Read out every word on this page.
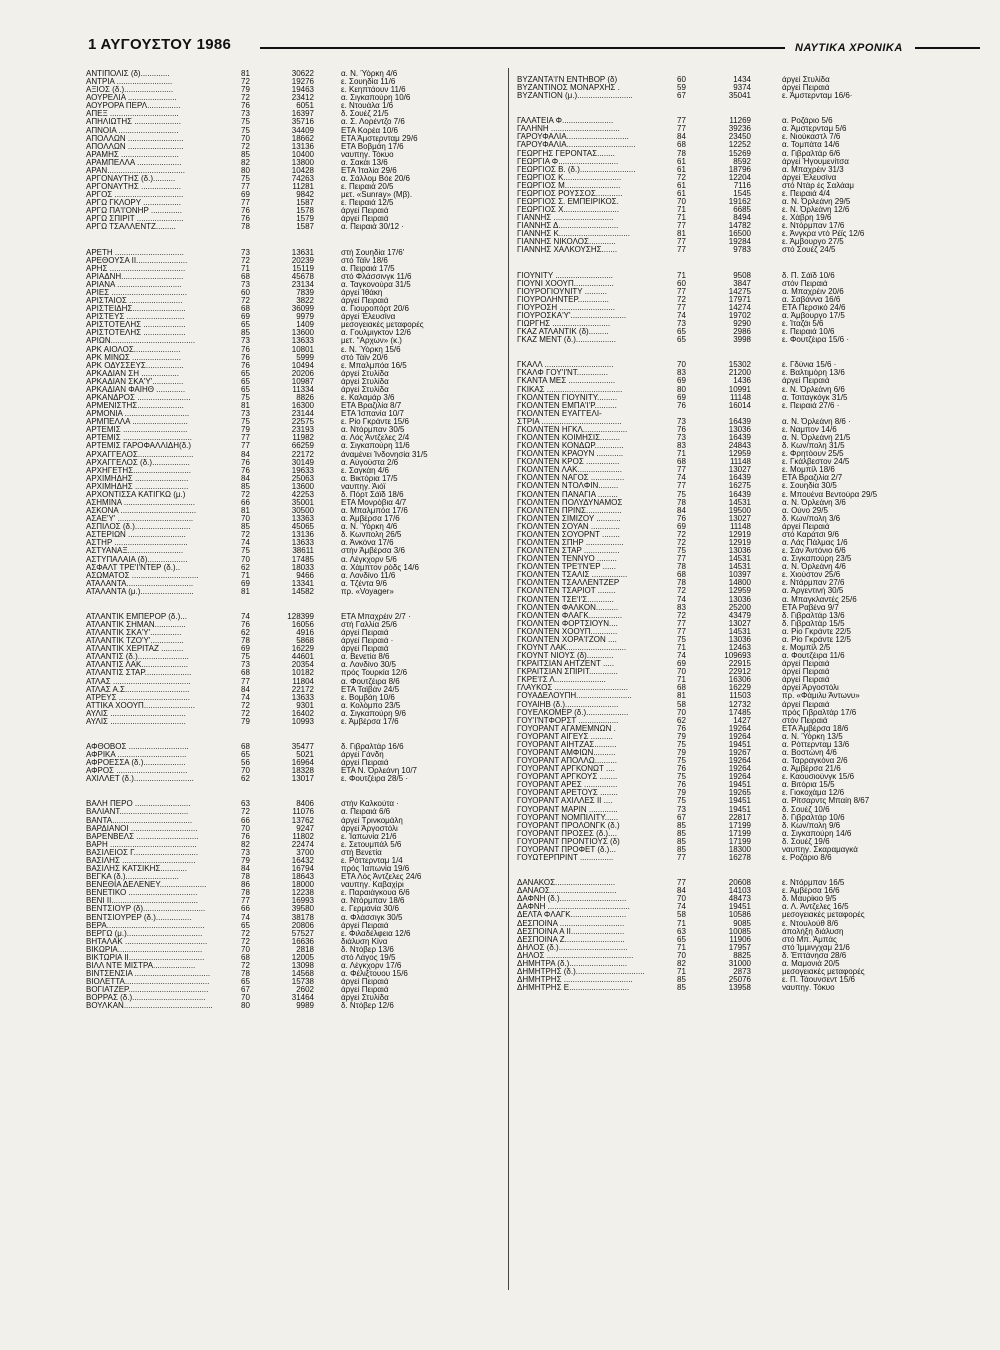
1 ΑΥΓΟΥΣΤΟΥ 1986	ΝΑΥΤΙΚΑ ΧΡΟΝΙΚΑ
ΑΝΤΙΠΟΛΙΣ (δ).............	81	30622	α. Ν. Ύόρκη 4/6
ΑΝΤΡΙΑ .........................	72	19276	ε. Σουηδία 11/6
ΑΞΙΟΣ (δ.)......................	79	19463	ε. Κεηπτάουν 11/6
ΑΟΥΡΕΛΙΑ ......................	72	23412	α. Σιγκαπούρη 10/6
ΑΟΥΡΟΡΑ ΠΕΡΛ...............	76	6051	ε. Ντουάλα 1/6
ΑΠΕΞ ...............................	73	16397	δ. Σουέζ 21/5
ΑΠΗΛΙΩΤΗΣ .....................	75	35716	α. Σ. Λορέντζο 7/6
ΑΠΝΟΙΑ ...........................	75	34409	ΕΤΑ Κορέα 10/6
ΑΠΟΛΛΩΝ .........................	70	18662	ΕΤΑ Άμστερνταμ 29/6
ΑΠΟΛΛΩΝ .........................	72	13136	ΕΤΑ Βοβμάη 17/6
ΑΡΑΜΗΣ ..........................	85	10400	ναυπηγ. Τόκυο
ΑΡΑΜΠΕΛΛΑ ....................	82	13800	α. Σακάι 13/6
ΑΡΑΝ...................................	80	10428	ΕΤΑ Ίταλία 29/6
ΑΡΓΟΝΑΥΤΗΣ (δ.)..........	75	74263	α. Σάλλομ Βόε 20/6
ΑΡΓΟΝΑΥΤΗΣ ..................	77	11281	ε. Πειραιά 20/5
ΑΡΓΟΣ ...............................	69	9842	μετ. «Sunray» (Μβ).
ΑΡΓΩ ΓΚΛΟΡΥ .................	77	1587	ε. Πειραιά 12/5
ΑΡΓΩ ΠΑ'Ι'ΟΝΗΡ ..............	76	1578	άργεί Πειραιά
ΑΡΓΩ ΣΠΙΡΙΤ .....................	76	1579	άργεί Πειραιά
ΑΡΓΩ ΤΣΑΛΛΕΝΤΖ.........	78	1587	α. Πειραιά 30/12 ·
ΑΡΕΤΗ ...............................	73	13631	στή Σουηδία 17/6'
ΑΡΕΘΟΥΣΑ II.......................	72	20239	στό Τάϊν 18/6
ΑΡΗΣ ..................................	71	15119	α. Πειραιά 17/5
ΑΡΙΑΔΝΗ............................	68	45678	στό Φλάσσινγκ 11/6
ΑΡΙΑΝΑ .............................	73	23134	α. Ταγκονούρα 31/5
ΑΡΙΕΣ ..................................	60	7839	άργεί Ίθάκη
ΑΡΙΣΤΑΙΟΣ ........................	72	3822	άργεί Πειραιά
ΑΡΙΣΤΕΙΔΗΣ........................	68	36099	α. Γιουροπόρτ 20/6
ΑΡΙΣΤΕΥΣ ..........................	69	9979	άργεί Έλευσίνα
ΑΡΙΣΤΟΤΕΛΗΣ ...................	65	1409	μεσογειακές μεταφορές
ΑΡΙΣΤΟΤΕΛΗΣ ...................	85	13600	α. Γουλμιγκτον 12/6
ΑΡΙΩΝ......................................	73	13633	μετ. "Αρχων» (κ.)
ΑΡΚ ΑΙΟΛΟΣ.....................	76	10801	ε. Ν. Ύόρκη 15/6
ΑΡΚ ΜΙΝΩΣ ......................	76	5999	στό Τάϊν 20/6
ΑΡΚ ΟΔΥΣΣΕΥΣ.................	76	10494	ε. Μπαλμπόα 16/5
ΑΡΚΑΔΙΑΝ ΣΗ .................	65	20206	άργεί Στυλίδα
ΑΡΚΑΔΙΑΝ ΣΚΑ'Υ'..............	65	10987	άργεί Στυλίδα
ΑΡΚΑΔΙΑΝ ΦΑΙΗΘ .............	65	11334	άργεί Στυλίδα
ΑΡΚΑΝΔΡΟΣ ........................	75	8826	ε. Καλαμάρ 3/6
ΑΡΜΕΝΙΣΤΗΣ.....................	81	16300	ΕΤΑ Βραζιλία 8/7
ΑΡΜΟΝΙΑ .............................	73	23144	ΕΤΑ Ίσπανία 10/7
ΑΡΜΠΕΛΛΑ .........................	75	22575	ε. Ρίο Γκράντε 15/6
ΑΡΤΕΜΙΣ .............................	79	23193	α. Ντόρμπαν 30/5
ΑΡΤΕΜΙΣ ...............................	77	11982	α. Λός Άντζελες 2/4
ΑΡΤΕΜΙΣ ΓΑΡΟΦΑΛΛΙΔΗ(δ.)	77	66259	α. Σιγκαπούρη 11/6
ΑΡΧΑΓΓΕΛΟΣ.........................	84	22172	άναμένει Ίνδονησία 31/5
ΑΡΧΑΓΓΕΛΟΣ (δ.).................	76	30149	α. Αύγούστα 2/6
ΑΡΧΗΓΕΤΗΣ..........................	76	19633	ε. Σαγκάη 4/6
ΑΡΧΙΜΗΔΗΣ ........................	84	25063	α. Βικτόρια 17/5
ΑΡΧΙΜΗΔΗΣ ........................	85	13600	ναυπηγ. Άιόϊ
ΑΡΧΟΝΤΙΣΣΑ ΚΑΤΙΓΚΩ (μ.)	72	42253	δ. Πόρτ Σάϊδ 18/6
ΑΣΗΜΙΝΑ ................................	66	35001	ΕΤΑ Μονρόβια 4/7
ΑΣΚΟΝΑ ..................................	81	30500	α. Μπαλμπόα 17/6
ΑΣΑΕ'Υ' ..................................	70	13363	α. Άμβέρσα 17/6
ΑΣΠΙΛΟΣ (δ.).........................	85	45065	α. Ν. Ύόρκη 4/6
ΑΣΤΕΡΙΩΝ ..........................	72	13136	δ. Κωνπολη 26/5
ΑΣΤΗΡ .................................	74	13633	α. Άνκόνα 17/6
ΑΣΤΥΑΝΑΞ.........................	75	38611	στήν Άμβέρσα 3/6
ΑΣΤΥΠΑΛΑΙΑ (δ)..................	70	17485	α. Λέγκχορν 5/6
ΑΣΦΑΛΤ ΤΡΕ'Ι'ΝΤΕΡ (δ.)..	62	18033	α. Χάμπτον ρόδς 14/6
ΑΣΩΜΑΤΟΣ ..............................	71	9466	α. Λονδίνο 11/6
ΑΤΑΛΑΝΤΑ..............................	69	13341	α. Τζέντα 9/6
ΑΤΑΛΑΝΤΑ (μ.)........................	81	14582	πρ. «Voyager»
ΑΤΛΑΝΤΙΚ ΕΜΠΕΡΟΡ (δ.)...	74	128399	ΕΤΑ Μπαχρέιν 2/7 ·
ΑΤΛΑΝΤΙΚ ΣΗΜΑΝ..............	76	16056	στή Γαλλία 25/6
ΑΤΛΑΝΤΙΚ ΣΚΑ'Υ'..............	62	4916	άργεί Πειραιά
ΑΤΛΑΝΤΙΚ ΤΖΟ'Υ'...............	78	5868	άργεί Πειραιά ·
ΑΤΛΑΝΤΙΚ ΧΕΡΙΤΑΖ ..........	69	16229	άργεί Πειραιά
ΑΤΛΑΝΤΙΣ (δ.).......................	75	44601	α. Βενετία 8/6
ΑΤΛΑΝΤΙΣ ΛΑΚ.....................	73	20354	α. Λονδίνο 30/5
ΑΤΛΑΝΤΙΣ ΣΤΑΡ.....................	68	10182	πρός Τουρκία 12/6
ΑΤΛΑΣ ...................................	77	11804	α. Φουτζέιρα 8/6
ΑΤΛΑΣ Α.Σ.............................	84	22172	ΕΤΑ Ταϊβάν 24/5
ΑΤΡΕΥΣ ................................	74	13633	ε. Βομβάη 10/6
ΑΤΤΙΚΑ ΧΟΟΥΠ.......................	72	9301	α. Κολόμπο 23/5
ΑΥΛΙΣ ..................................	72	16402	α. Σιγκαπούρη 9/6
ΑΥΛΙΣ ..................................	79	10993	ε. Άμβέρσα 17/6
ΑΦΘΟΒΟΣ ...........................	68	35477	δ. Γιβραλτάρ 16/6
ΑΦΡΙΚΑ ...............................	65	5021	άργεί Γάνδη
ΑΦΡΟΕΣΣΑ (δ.)...................	56	16964	άργεί Πειραιά
ΑΦΡΟΣ ................................	70	18328	ΕΤΑ Ν. Όρλεάνη 10/7
ΑΧΙΛΛΕΤ (δ.)...........................	62	13017	ε. Φουτζέιρα 28/5 ·
ΒΑΛΗ ΠΕΡΟ .........................	63	8406	στήν Καλκούτα ·
ΒΑΛΙΑΝΤ...............................	72	11076	α. Πειραιά 6/6
ΒΑΝΤΑ....................................	66	13762	άργεί Τρινκομάλη
ΒΑΡΔΙΑΝΟΙ ..............................	70	9247	άργεί Άργοστόλι
ΒΑΡΕΝΒΕΛΣ ............................	76	11802	ε. Ίαπωνία 21/6
ΒΑΡΗ .......................................	82	22474	ε. Σετουμπάλ 5/6
ΒΑΣΙΛΕΙΟΣ Γ.............................	73	3700	στή Βενετία
ΒΑΣΙΛΗΣ .................................	79	16432	ε. Ρόττερνταμ 1/4
ΒΑΣΙΛΗΣ ΚΑΤΣΙΚΗΣ............	84	16794	πρός Ίαπωνία 19/6
ΒΕΓΚΑ (δ.)........................	78	18643	ΕΤΑ Λός Άντζελες 24/6
ΒΕΝΕΘΙΑ ΔΕΛΕΝΕΥ.....................	86	18000	ναυπηγ. Καβαχίρι
ΒΕΝΕΤΙΚΟ ...............................	78	12238	ε. Παραιάγκουα 6/6
ΒΕΝΙ ΙΙ.......................................	77	16993	α. Ντόρμπαν 18/6
ΒΕΝΤΣΙΟΥΡ (δ)............................	66	39580	ε. Γερμανία 30/6
ΒΕΝΤΣΙΟΥΡΕΡ (δ.)................	74	38178	α. Φλάσσιγκ 30/5
ΒΕΡΑ............................................	65	20806	άργεί Πειραιά
ΒΕΡΓΩ (μ.)..................................	72	57527	ε. Φιλαδέλφεια 12/6
ΒΗΤΑΛΑΚ .....................................	72	16636	διάλυση Κίνα
ΒΙΚΩΡΙΑ......................................	70	2818	δ. Ντόβερ 13/6
ΒΙΚΤΩΡΙΑ ΙΙ..................................	68	12005	στό Λάγος 19/5
ΒΙΛΛ ΝΤΕ ΜΙΣΤΡΑ...................	72	13098	α. Λέγκχορν 17/6
ΒΙΝΤΣΕΝΣΙΑ ..................................	78	14568	α. Φέλιξτουου 15/6
ΒΙΟΛΕΤΤΑ......................................	65	15738	άργεί Πειραιά
ΒΟΓΙΑΤΖΕΡ....................................	67	2602	άργεί Πειραιά
ΒΟΡΡΑΣ (δ.).................................	70	31464	άργεί Στυλίδα
ΒΟΥΛΚΑΝ........................................	80	9989	δ. Ντόβερ 12/6
ΒΥΖΑΝΤΑ'Ι'Ν ΕΝΤΗΒΟΡ (δ)	60	1434	άργεί Στυλίδα
ΒΥΖΑΝΤΙΝΟΣ ΜΟΝΑΡΧΗΣ .	59	9374	άργεί Πειραιά
ΒΥΖΑΝΤΙΟΝ (μ.).........................	67	35041	ε. Άμστερνταμ 16/6·
ΓΑΛΑΤΕΙΑ Φ.......................	77	11269	α. Ροζάριο 5/6
ΓΑΛΗΝΗ ...............................	77	39236	α. Άμστερνταμ 5/6
ΓΑΡΟΥΦΑΛΙΑ............................	84	23450	ε. Νιούκαστλ 7/6
ΓΑΡΟΥΦΑΛΙΑ...............................	68	12252	α. Τομπάτα 14/6
ΓΕΩΡΓΗΣ ΓΕΡΟΝΤΑΣ........	78	15269	α. Γιβραλτάρ 6/6
ΓΕΩΡΓΙΑ Φ...........................	61	8592	άργεί Ήγουμενίτσα
ΓΕΩΡΓΙΟΣ Β. (δ.).........................	61	18796	α. Μπαχρέιν 31/3
ΓΕΩΡΓΙΟΣ Κ..........................	72	12204	άργεί Έλευσίνα
ΓΕΩΡΓΙΟΣ Μ.........................	61	7116	στό Ντάρ ές Σαλάαμ
ΓΕΩΡΓΙΟΣ ΡΟΥΣΣΟΣ............	61	1545	ε. Πειραιά 4/4
ΓΕΩΡΓΙΟΣ Σ. ΕΜΠΕΙΡΙΚΟΣ.	70	19162	α. Ν. Όρλεάνη 29/5
ΓΕΩΡΓΙΟΣ Χ.........................	71	6685	ε. Ν. Όρλεάνη 12/6
ΓΙΑΝΝΗΣ ...........................	71	8494	ε. Χάβρη 19/6
ΓΙΑΝΝΗΣ Δ...........................	77	14782	ε. Ντόρμπαν 17/6
ΓΙΑΝΝΗΣ Κ................................	81	16500	ε. Άνγκρα ντό Ρέϊς 12/6
ΓΙΑΝΝΗΣ ΝΙΚΟΛΟΣ............	77	19284	ε. Άμβουργο 27/5
ΓΙΑΝΝΗΣ ΧΑΛΚΟΥΣΗΣ.......	77	9783	στό Σουέζ 24/5
ΓΙΟΥΝΙΤΥ ..........................	71	9508	δ. Π. Σάϊδ 10/6
ΓΙΟΥΝΙ ΧΟΟΥΠ..................	60	3847	στόν Πειραιά
ΓΙΟΥΡΟΓΙΟΥΝΙΤΥ ..........	77	14275	α. Μπαχρέιν 20/6
ΓΙΟΥΡΟΛΗΝΤΕΡ..............	72	17971	α. Σαβάννα 16/6
ΓΙΟΥΡΟΣΗ .........................	77	14274	ΕΤΑ Περσικό 24/6
ΓΙΟΥΡΟΣΚΑ'Υ'.........................	74	19702	α. Άμβουργο 17/5
ΓΙΩΡΓΗΣ ..........................	73	9290	ε. Ίταζάι 5/6
ΓΚΑΖ ΑΤΛΑΝΤΙΚ (δ).........	65	2986	ε. Πειραιά 10/6
ΓΚΑΖ ΜΕΝΤ (δ.)..................	65	3998	ε. Φουτζέιρα 15/6 ·
ΓΚΑΛΛ ...............................	70	15302	ε. Γδύνια 15/6 ·
ΓΚΑΛΦ ΓΟΥ'Ι'ΝΤ..............	83	21200	ε. Βαλτιμόρη 13/6
ΓΚΑΝΤΑ ΜΕΣ .....................	69	1436	άργεί Πειραιά
ΓΚΙΚΑΣ ..................................	80	10991	ε. Ν. Όρλεάνη 6/6
ΓΚΟΛΝΤΕΝ ΓΙΟΥΝΙΤΥ.........	69	11148	α. Τσιταγκόγκ 31/5
ΓΚΟΛΝΤΕΝ ΕΜΠΑ'Ι'Ρ..........	76	16014	ε. Πειραιά 27/6 ·
ΓΚΟΛΝΤΕΝ ΕΥΑΓΓΕΛΙ-
ΣΤΡΙΑ ....................................	73	16439	α. Ν. Όρλεάνη 8/6 ·
ΓΚΟΛΝΤΕΝ ΗΓΚΛ....................	76	13036	ε. Ναμπον 14/6
ΓΚΟΛΝΤΕΝ ΚΟΙΜΗΣΙΣ.........	73	16439	α. Ν. Όρλεάνη 21/5
ΓΚΟΛΝΤΕΝ ΚΟΝΔΩΡ.............	83	24843	δ. Κων/πολη 31/5
ΓΚΟΛΝΤΕΝ ΚΡΑΟΥΝ ............	71	12959	ε. Φρητόουν 25/5
ΓΚΟΛΝΤΕΝ ΚΡΟΣ ...............	68	11148	ε. Γκάλβεστον 24/5
ΓΚΟΛΝΤΕΝ ΛΑΚ....................	77	13027	ε. Μομπίλ 18/6
ΓΚΟΛΝΤΕΝ ΝΑΓΟΣ ...............	74	16439	ΕΤΑ Βραζιλία 2/7
ΓΚΟΛΝΤΕΝ ΝΤΟΛΦΙΝ.........	77	16275	ε. Σουηδία 30/5
ΓΚΟΛΝΤΕΝ ΠΑΝΑΓΙΑ .........	75	16439	ε. Μπουένα Βεντούρα 29/5
ΓΚΟΛΝΤΕΝ ΠΟΛΥΔΥΝΑΜΟΣ	78	14531	α. Ν. Όρλεάνη 3/6
ΓΚΟΛΝΤΕΝ ΠΡΙΝΣ................	84	19500	α. Ούνο 29/5
ΓΚΟΛΝΤΕΝ ΣΙΜΙΖΟΥ ...........	76	13027	δ. Κων/πολη 3/6
ΓΚΟΛΝΤΕΝ ΣΟΥΑΝ .............	69	11148	άργεί Πειραιά
ΓΚΟΛΝΤΕΝ ΣΟΥΟΡΝΤ ........	72	12919	στό Καράτσι 9/6
ΓΚΟΛΝΤΕΝ ΣΠΗΡ .................	72	12919	α. Λάς Πάλμας 1/6
ΓΚΟΛΝΤΕΝ ΣΤΑΡ ................	75	13036	ε. Σάν Άντόνιο 6/6
ΓΚΟΛΝΤΕΝ ΤΕΝΝΥΟ .........	77	14531	α. Σιγκαπούρη 23/5
ΓΚΟΛΝΤΕΝ ΤΡΕ'Ι'Ν'ΕΡ ......	78	14531	α. Ν. Όρλεάνη 4/6
ΓΚΟΛΝΤΕΝ ΤΣΑΛΙΣ ................	68	10397	ε. Χιούστον 25/6
ΓΚΟΛΝΤΕΝ ΤΣΑΛΛΕΝΤΖΕΡ	78	14800	ε. Ντάρμπαν 27/6
ΓΚΟΛΝΤΕΝ ΤΣΑΡΙΟΤ ........	72	12959	α. Άργεντινή 30/5
ΓΚΟΛΝΤΕΝ ΤΣΕ'Ι'Σ............	74	13036	α. Μπαγκλαντές 25/6
ΓΚΟΛΝΤΕΝ ΦΑΛΚΟΝ..........	83	25200	ΕΤΑ Ραβένα 9/7
ΓΚΟΛΝΤΕΝ ΦΛΑΓΚ...............	72	43479	δ. Γιβραλτάρ 13/6
ΓΚΟΛΝΤΕΝ ΦΟΡΤΣΙΟΥΝ....	77	13027	δ. Γιβραλτάρ 15/5
ΓΚΟΛΝΤΕΝ ΧΟΟΥΠ............	77	14531	α. Ρίο Γκράντε 22/5
ΓΚΟΛΝΤΕΝ ΧΟΡΑ'Ι'ΖΟΝ ....	75	13036	α. Ρίο Γκράντε 12/5
ΓΚΟΥΝΤ ΛΑΚ...........................	71	12463	ε. Μομπίλ 2/5
ΓΚΟΥΝΤ ΝΙΟΥΣ (δ)............	74	109693	α. Φουτζέιρα 11/6
ΓΚΡΑΙΤΣΙΑΝ ΑΗΤΖΕΝΤ .....	69	22915	άργεί Πειραιά
ΓΚΡΑΙΤΣΙΑΝ ΣΠΙΡΙΤ.............	70	22912	άργεί Πειραιά
ΓΚΡΕ'Ι'Σ Λ.......................	71	16306	άργεί Πειραιά
ΓΛΑΥΚΟΣ .................................	68	16229	άργεί Άργοστόλι
ΓΟΥΑΔΕΛΟΥΠΗ.........................	81	11503	πρ. «Φάμιλυ Άντωνυ»
ΓΟΥΑΙΗΒ (δ.)........................	58	12732	άργεί Πειραιά
ΓΟΥΕΛΚΟΜΕΡ (δ.)...................	70	17485	πρός Γιβραλτάρ 17/6
ΓΟΥ'Ι'ΝΤΦΟΡΣΤ ..................	62	1427	στόν Πειραιά
ΓΟΥΟΡΑΝΤ ΑΓΑΜΕΜΝΩΝ .	76	19264	ΕΤΑ Άμβέρσα 18/6
ΓΟΥΟΡΑΝΤ ΑΙΓΕΥΣ ..........	79	19264	α. Ν. Ύόρκη 13/5
ΓΟΥΟΡΑΝΤ ΑΙΗΤΖΑΣ..........	75	19451	α. Ρόττερνταμ 13/6
ΓΟΥΟΡΑΝΤ ΑΜΦΙΩΝ..........	79	19267	α. Βοστώνη 4/6
ΓΟΥΟΡΑΝΤ ΑΠΟΛΛΩ..........	75	19264	α. Ταρραγκόνα 2/6
ΓΟΥΟΡΑΝΤ ΑΡΓΚΟΝΩΤ ....	76	19264	α. Άμβέρσα 21/6
ΓΟΥΟΡΑΝΤ ΑΡΓΚΟΥΣ ........	75	19264	ε. Καουσιούνγκ 15/6
ΓΟΥΟΡΑΝΤ ΑΡΕΣ ...............	76	19451	α. Βιτόρια 15/5
ΓΟΥΟΡΑΝΤ ΑΡΕΤΟΥΣ ........	79	19265	ε. Γιοκοχάμα 12/6
ΓΟΥΟΡΑΝΤ ΑΧΙΛΛΕΣ ΙΙ ....	75	19451	α. Ρίτσαρντς Μπαίη 8/67
ΓΟΥΟΡΑΝΤ ΜΑΡΙΝ .............	73	19451	δ. Σουέζ 10/6
ΓΟΥΟΡΑΝΤ ΝΟΜΠΙΛΙΤΥ......	67	22817	δ. Γιβραλτάρ 10/6
ΓΟΥΟΡΑΝΤ ΠΡΟΛΟΝΓΚ (δ.)	85	17199	δ. Κων/πολη 9/6
ΓΟΥΟΡΑΝΤ ΠΡΟΣΕΣ (δ.)....	85	17199	α. Σιγκαπούρη 14/6
ΓΟΥΟΡΑΝΤ ΠΡΟΝΤΙΟΥΣ (δ)	85	17199	δ. Σουέζ 19/6
ΓΟΥΟΡΑΝΤ ΠΡΟΦΕΤ (δ.)...	85	18300	ναυπηγ. Σκαραμαγκά
ΓΟΥΩΤΕΡΠΡΙΝΤ ...............	77	16278	ε. Ροζάριο 8/6
ΔΑΝΑΚΟΣ...........................	77	20608	ε. Ντόρμπαν 16/5
ΔΑΝΑΟΣ..............................	84	14103	ε. Άμβέρσα 16/6
ΔΑΦΝΗ (δ.)..............................	70	48473	δ. Μαυρίκιο 9/5
ΔΑΦΝΗ .....................................	74	19451	α. Λ. Άντζελες 16/5
ΔΕΛΤΑ ΦΛΑΓΚ.........................	58	10586	μεσογειακές μεταφορές
ΔΕΣΠΟΙΝΑ .............................	71	9085	ε. Ντουλούθ 8/6
ΔΕΣΠΟΙΝΑ Α ΙΙ........................	63	10085	άπολήξη διάλυση
ΔΕΣΠΟΙΝΑ Ζ...........................	65	11906	στό Μπ. Άμπάς
ΔΗΛΟΣ (δ.)...............................	71	17957	στό Ίμμινγχαμ 21/6
ΔΗΛΟΣ .......................................	70	8825	δ. Έπτάνησα 28/6
ΔΗΜΗΤΡΑ (δ.)..........................	82	31000	α. Μαμονιά 20/5
ΔΗΜΗΤΡΗΣ (δ.)...............................	71	2873	μεσογειακές μεταφορές
ΔΗΜΗΤΡΗΣ ...............................	85	25076	ε. Π. Τάουνσεντ 15/6
ΔΗΜΗΤΡΗΣ Ε...........................	85	13958	ναυπηγ. Τόκυο
